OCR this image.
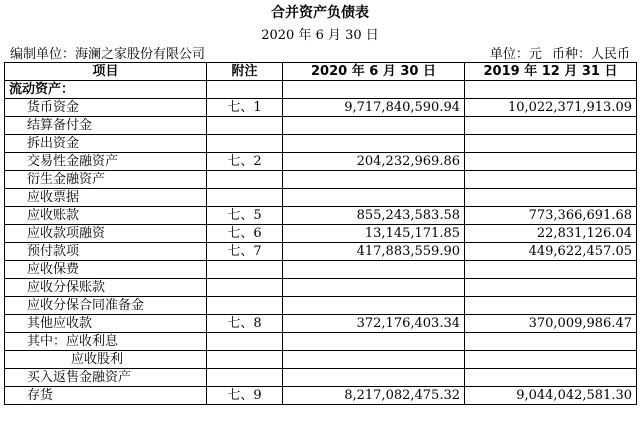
合并资产负债表
2020 年 6 月 30 日
编制单位：海澜之家股份有限公司	单位：元 币种：人民币
项目	附注	2020 年 6 月 30 日	2019 年 12 月 31 日
流动资产：			
货币资金	七、1	9,717,840,590.94	10,022,371,913.09
结算备付金			
拆出资金			
交易性金融资产	七、2	204,232,969.86	
衍生金融资产			
应收票据			
应收账款	七、5	855,243,583.58	773,366,691.68
应收款项融资	七、6	13,145,171.85	22,831,126.04
预付款项	七、7	417,883,559.90	449,622,457.05
应收保费			
应收分保账款			
应收分保合同准备金			
其他应收款	七、8	372,176,403.34	370,009,986.47
其中：应收利息			
应收股利			
买入返售金融资产			
存货	七、9	8,217,082,475.32	9,044,042,581.30
